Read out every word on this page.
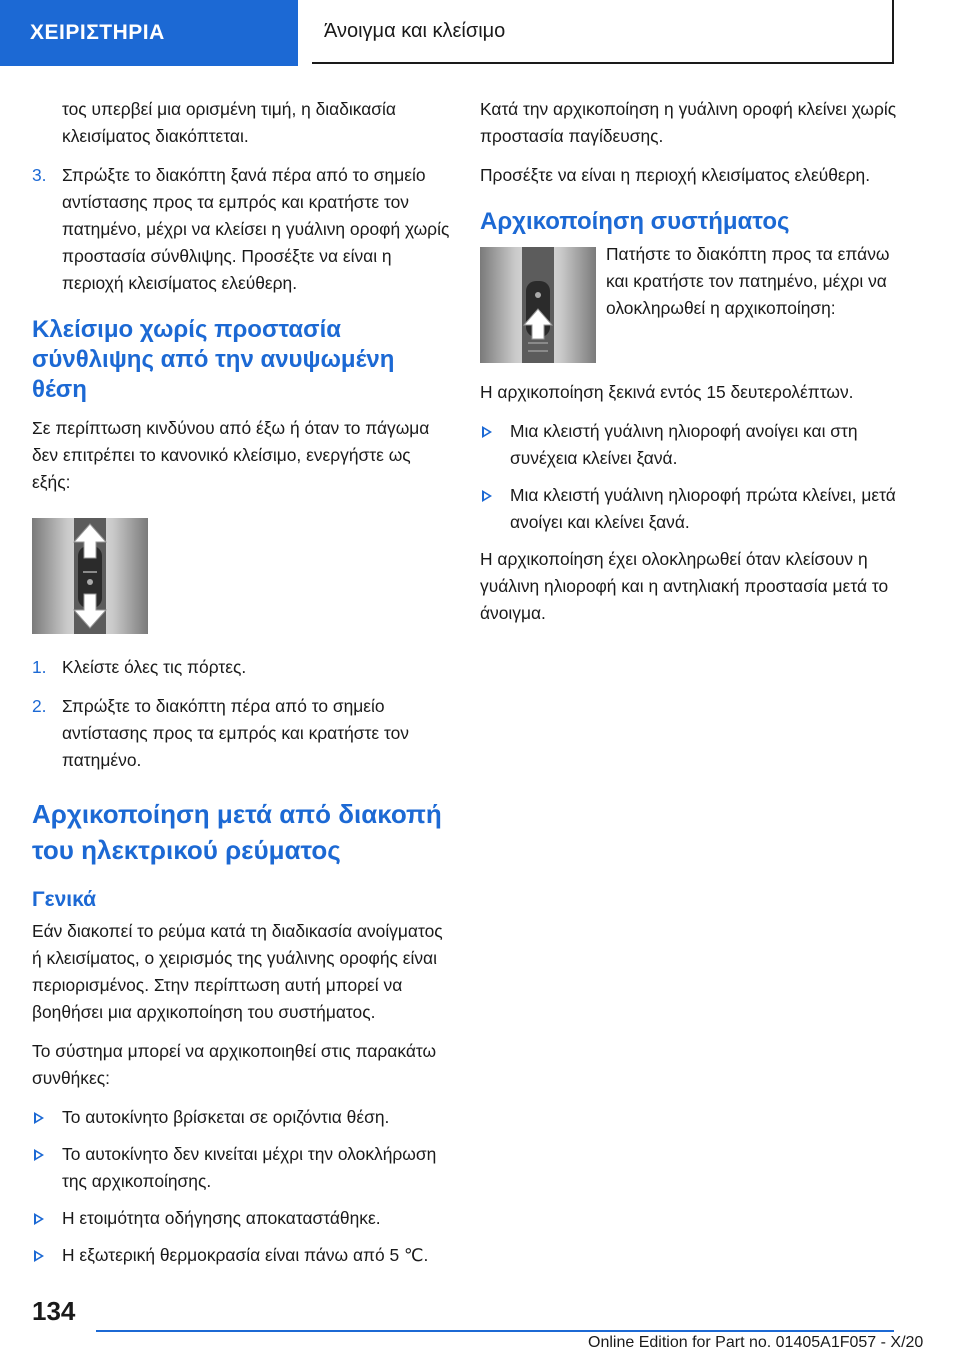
ΧΕΙΡΙΣΤΗΡΙΑ	Άνοιγμα και κλείσιμο

τος υπερβεί μια ορισμένη τιμή, η διαδικασία κλεισίματος διακόπτεται.

3. Σπρώξτε το διακόπτη ξανά πέρα από το σημείο αντίστασης προς τα εμπρός και κρατήστε τον πατημένο, μέχρι να κλείσει η γυάλινη οροφή χωρίς προστασία σύνθλιψης. Προσέξτε να είναι η περιοχή κλεισίματος ελεύθερη.
Κλείσιμο χωρίς προστασία σύνθλιψης από την ανυψωμένη θέση

Σε περίπτωση κινδύνου από έξω ή όταν το πάγωμα δεν επιτρέπει το κανονικό κλείσιμο, ενεργήστε ως εξής:

1. Κλείστε όλες τις πόρτες.
2. Σπρώξτε το διακόπτη πέρα από το σημείο αντίστασης προς τα εμπρός και κρατήστε τον πατημένο.
Αρχικοποίηση μετά από διακοπή του ηλεκτρικού ρεύματος
Γενικά

Εάν διακοπεί το ρεύμα κατά τη διαδικασία ανοίγματος ή κλεισίματος, ο χειρισμός της γυάλινης οροφής είναι περιορισμένος. Στην περίπτωση αυτή μπορεί να βοηθήσει μια αρχικοποίηση του συστήματος.

Το σύστημα μπορεί να αρχικοποιηθεί στις παρακάτω συνθήκες:

Το αυτοκίνητο βρίσκεται σε οριζόντια θέση.
Το αυτοκίνητο δεν κινείται μέχρι την ολοκλήρωση της αρχικοποίησης.
Η ετοιμότητα οδήγησης αποκαταστάθηκε.
Η εξωτερική θερμοκρασία είναι πάνω από 5 ℃.

Κατά την αρχικοποίηση η γυάλινη οροφή κλείνει χωρίς προστασία παγίδευσης.

Προσέξτε να είναι η περιοχή κλεισίματος ελεύθερη.

Αρχικοποίηση συστήματος
Πατήστε το διακόπτη προς τα επάνω και κρατήστε τον πατημένο, μέχρι να ολοκληρωθεί η αρχικοποίηση:

Η αρχικοποίηση ξεκινά εντός 15 δευτερολέπτων.

Μια κλειστή γυάλινη ηλιοροφή ανοίγει και στη συνέχεια κλείνει ξανά.
Μια κλειστή γυάλινη ηλιοροφή πρώτα κλείνει, μετά ανοίγει και κλείνει ξανά.

Η αρχικοποίηση έχει ολοκληρωθεί όταν κλείσουν η γυάλινη ηλιοροφή και η αντηλιακή προστασία μετά το άνοιγμα.

134
Online Edition for Part no. 01405A1F057 - X/20
